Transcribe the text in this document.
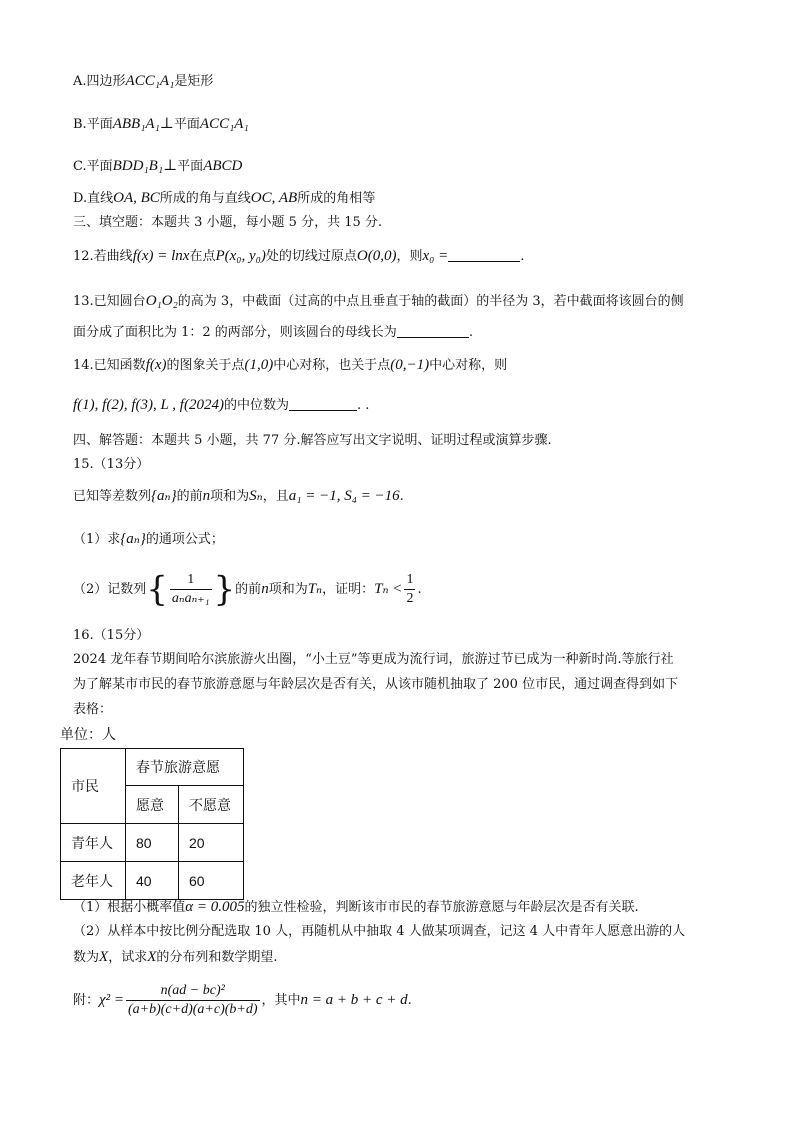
A.四边形ACC₁A₁是矩形
B.平面ABB₁A₁⊥平面ACC₁A₁
C.平面BDD₁B₁⊥平面ABCD
D.直线OA, BC所成的角与直线OC, AB所成的角相等
三、填空题：本题共 3 小题，每小题 5 分，共 15 分.
12.若曲线f(x) = lnx在点P(x₀, y₀)处的切线过原点O(0,0)，则x₀ =	.
13.已知圆台O₁O₂的高为 3，中截面（过高的中点且垂直于轴的截面）的半径为 3，若中截面将该圆台的侧
面分成了面积比为 1：2 的两部分，则该圆台的母线长为	.
14.已知函数f(x)的图象关于点(1,0)中心对称，也关于点(0,−1)中心对称，则
f(1), f(2), f(3), L , f(2024)的中位数为	. .
四、解答题：本题共 5 小题，共 77 分.解答应写出文字说明、证明过程或演算步骤.
15.（13分）
已知等差数列{aₙ}的前n项和为Sₙ，且a₁ = −1, S₄ = −16.
（1）求{aₙ}的通项公式；
（2）记数列{ $\frac{1}{\text{aₙaₙ₊₁}}$ }的前n项和为Tₙ，证明：$T_n < \frac{1}{2}$ .
16.（15分）
2024 龙年春节期间哈尔滨旅游火出圈，“小土豆”等更成为流行词，旅游过节已成为一种新时尚.等旅行社
为了解某市市民的春节旅游意愿与年龄层次是否有关，从该市随机抽取了 200 位市民，通过调查得到如下
表格：
单位：人
市民	春节旅游意愿	
	愿意	不愿意
青年人	80	20
老年人	40	60
（1）根据小概率值α = 0.005的独立性检验，判断该市市民的春节旅游意愿与年龄层次是否有关联.
（2）从样本中按比例分配选取 10 人，再随机从中抽取 4 人做某项调查，记这 4 人中青年人愿意出游的人
数为X，试求X的分布列和数学期望.
附：$\chi^2 = \frac{\text{n(ad − bc)²}}{(a+b)(c+d)(a+c)(b+d)}$ ，其中n = a + b + c + d.
